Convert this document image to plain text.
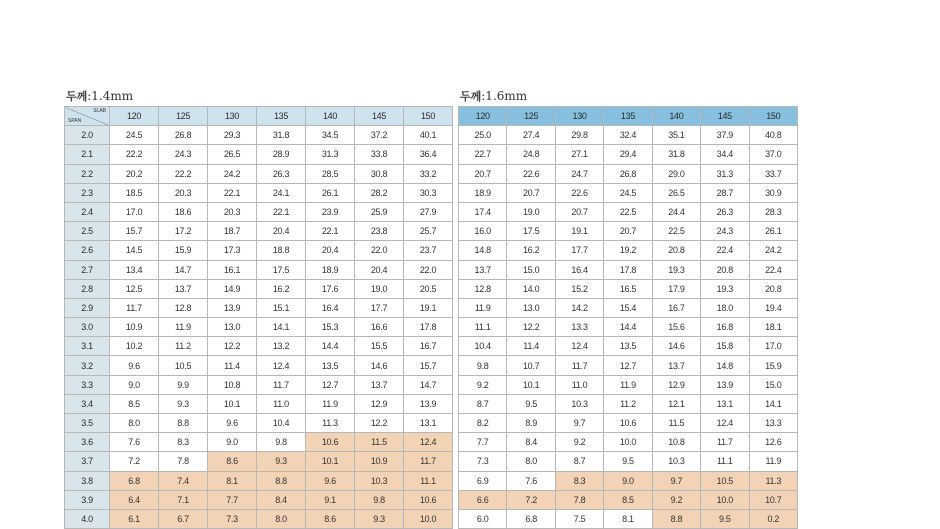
두께:1.4mm
SLAB
SPAN	120	125	130	135	140	145	150
2.0	24.5	26.8	29.3	31.8	34.5	37.2	40.1
2.1	22.2	24.3	26.5	28.9	31.3	33.8	36.4
2.2	20.2	22.2	24.2	26.3	28.5	30.8	33.2
2.3	18.5	20.3	22.1	24.1	26.1	28.2	30.3
2.4	17.0	18.6	20.3	22.1	23.9	25.9	27.9
2.5	15.7	17.2	18.7	20.4	22.1	23.8	25.7
2.6	14.5	15.9	17.3	18.8	20.4	22.0	23.7
2.7	13.4	14.7	16.1	17.5	18.9	20.4	22.0
2.8	12.5	13.7	14.9	16.2	17.6	19.0	20.5
2.9	11.7	12.8	13.9	15.1	16.4	17.7	19.1
3.0	10.9	11.9	13.0	14.1	15.3	16.6	17.8
3.1	10.2	11.2	12.2	13.2	14.4	15.5	16.7
3.2	9.6	10.5	11.4	12.4	13.5	14.6	15.7
3.3	9.0	9.9	10.8	11.7	12.7	13.7	14.7
3.4	8.5	9.3	10.1	11.0	11.9	12.9	13.9
3.5	8.0	8.8	9.6	10.4	11.3	12.2	13.1
3.6	7.6	8.3	9.0	9.8	10.6	11.5	12.4
3.7	7.2	7.8	8.6	9.3	10.1	10.9	11.7
3.8	6.8	7.4	8.1	8.8	9.6	10.3	11.1
3.9	6.4	7.1	7.7	8.4	9.1	9.8	10.6
4.0	6.1	6.7	7.3	8.0	8.6	9.3	10.0
두께:1.6mm
120	125	130	135	140	145	150
25.0	27.4	29.8	32.4	35.1	37.9	40.8
22.7	24.8	27.1	29.4	31.8	34.4	37.0
20.7	22.6	24.7	26.8	29.0	31.3	33.7
18.9	20.7	22.6	24.5	26.5	28.7	30.9
17.4	19.0	20.7	22.5	24.4	26.3	28.3
16.0	17.5	19.1	20.7	22.5	24.3	26.1
14.8	16.2	17.7	19.2	20.8	22.4	24.2
13.7	15.0	16.4	17.8	19.3	20.8	22.4
12.8	14.0	15.2	16.5	17.9	19.3	20.8
11.9	13.0	14.2	15.4	16.7	18.0	19.4
11.1	12.2	13.3	14.4	15.6	16.8	18.1
10.4	11.4	12.4	13.5	14.6	15.8	17.0
9.8	10.7	11.7	12.7	13.7	14.8	15.9
9.2	10.1	11.0	11.9	12.9	13.9	15.0
8.7	9.5	10.3	11.2	12.1	13.1	14.1
8.2	8.9	9.7	10.6	11.5	12.4	13.3
7.7	8.4	9.2	10.0	10.8	11.7	12.6
7.3	8.0	8.7	9.5	10.3	11.1	11.9
6.9	7.6	8.3	9.0	9.7	10.5	11.3
6.6	7.2	7.8	8.5	9.2	10.0	10.7
6.0	6.8	7.5	8.1	8.8	9.5	0.2
